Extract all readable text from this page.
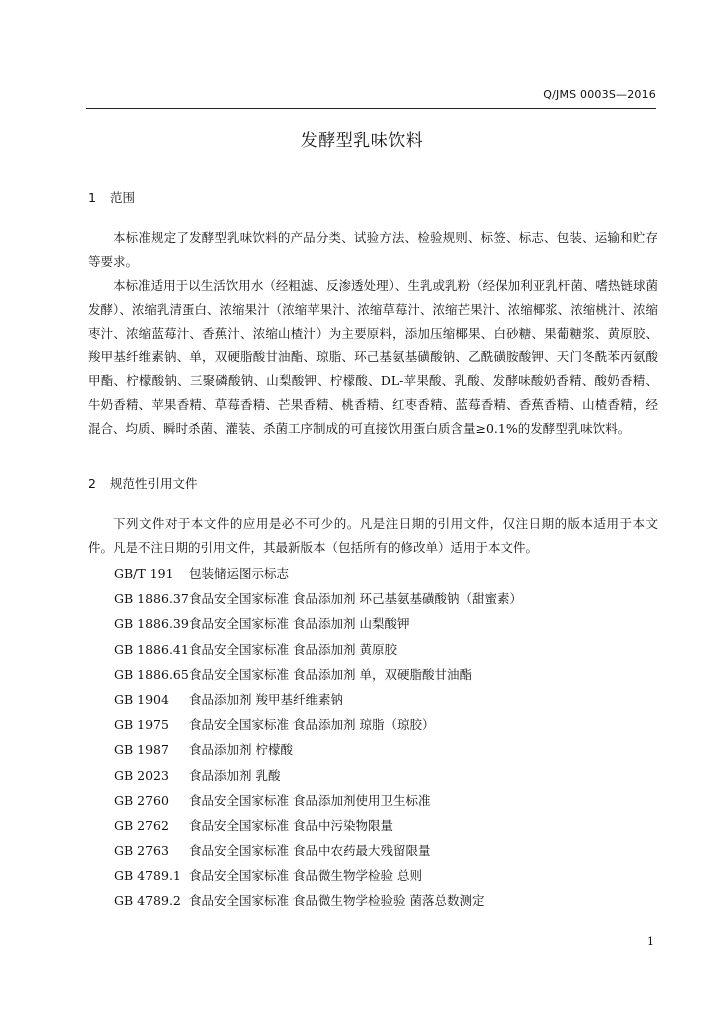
Q/JMS 0003S—2016
发酵型乳味饮料
1 范围

本标准规定了发酵型乳味饮料的产品分类、试验方法、检验规则、标签、标志、包装、运输和贮存等要求。

本标准适用于以生活饮用水（经粗滤、反渗透处理）、生乳或乳粉（经保加利亚乳杆菌、嗜热链球菌发酵）、浓缩乳清蛋白、浓缩果汁（浓缩苹果汁、浓缩草莓汁、浓缩芒果汁、浓缩椰浆、浓缩桃汁、浓缩枣汁、浓缩蓝莓汁、香蕉汁、浓缩山楂汁）为主要原料，添加压缩椰果、白砂糖、果葡糖浆、黄原胶、羧甲基纤维素钠、单，双硬脂酸甘油酯、琼脂、环己基氨基磺酸钠、乙酰磺胺酸钾、天门冬酰苯丙氨酸甲酯、柠檬酸钠、三聚磷酸钠、山梨酸钾、柠檬酸、DL-苹果酸、乳酸、发酵味酸奶香精、酸奶香精、牛奶香精、苹果香精、草莓香精、芒果香精、桃香精、红枣香精、蓝莓香精、香蕉香精、山楂香精，经混合、均质、瞬时杀菌、灌装、杀菌工序制成的可直接饮用蛋白质含量≥0.1%的发酵型乳味饮料。

2 规范性引用文件

下列文件对于本文件的应用是必不可少的。凡是注日期的引用文件，仅注日期的版本适用于本文件。凡是不注日期的引用文件，其最新版本（包括所有的修改单）适用于本文件。

GB/T 191 包装储运图示标志
GB 1886.37食品安全国家标准 食品添加剂 环己基氨基磺酸钠（甜蜜素）
GB 1886.39食品安全国家标准 食品添加剂 山梨酸钾
GB 1886.41食品安全国家标准 食品添加剂 黄原胶
GB 1886.65食品安全国家标准 食品添加剂 单，双硬脂酸甘油酯
GB 1904 食品添加剂 羧甲基纤维素钠
GB 1975 食品安全国家标准 食品添加剂 琼脂（琼胶）
GB 1987 食品添加剂 柠檬酸
GB 2023 食品添加剂 乳酸
GB 2760 食品安全国家标准 食品添加剂使用卫生标准
GB 2762 食品安全国家标准 食品中污染物限量
GB 2763 食品安全国家标准 食品中农药最大残留限量
GB 4789.1 食品安全国家标准 食品微生物学检验 总则
GB 4789.2 食品安全国家标准 食品微生物学检验验 菌落总数测定
1
